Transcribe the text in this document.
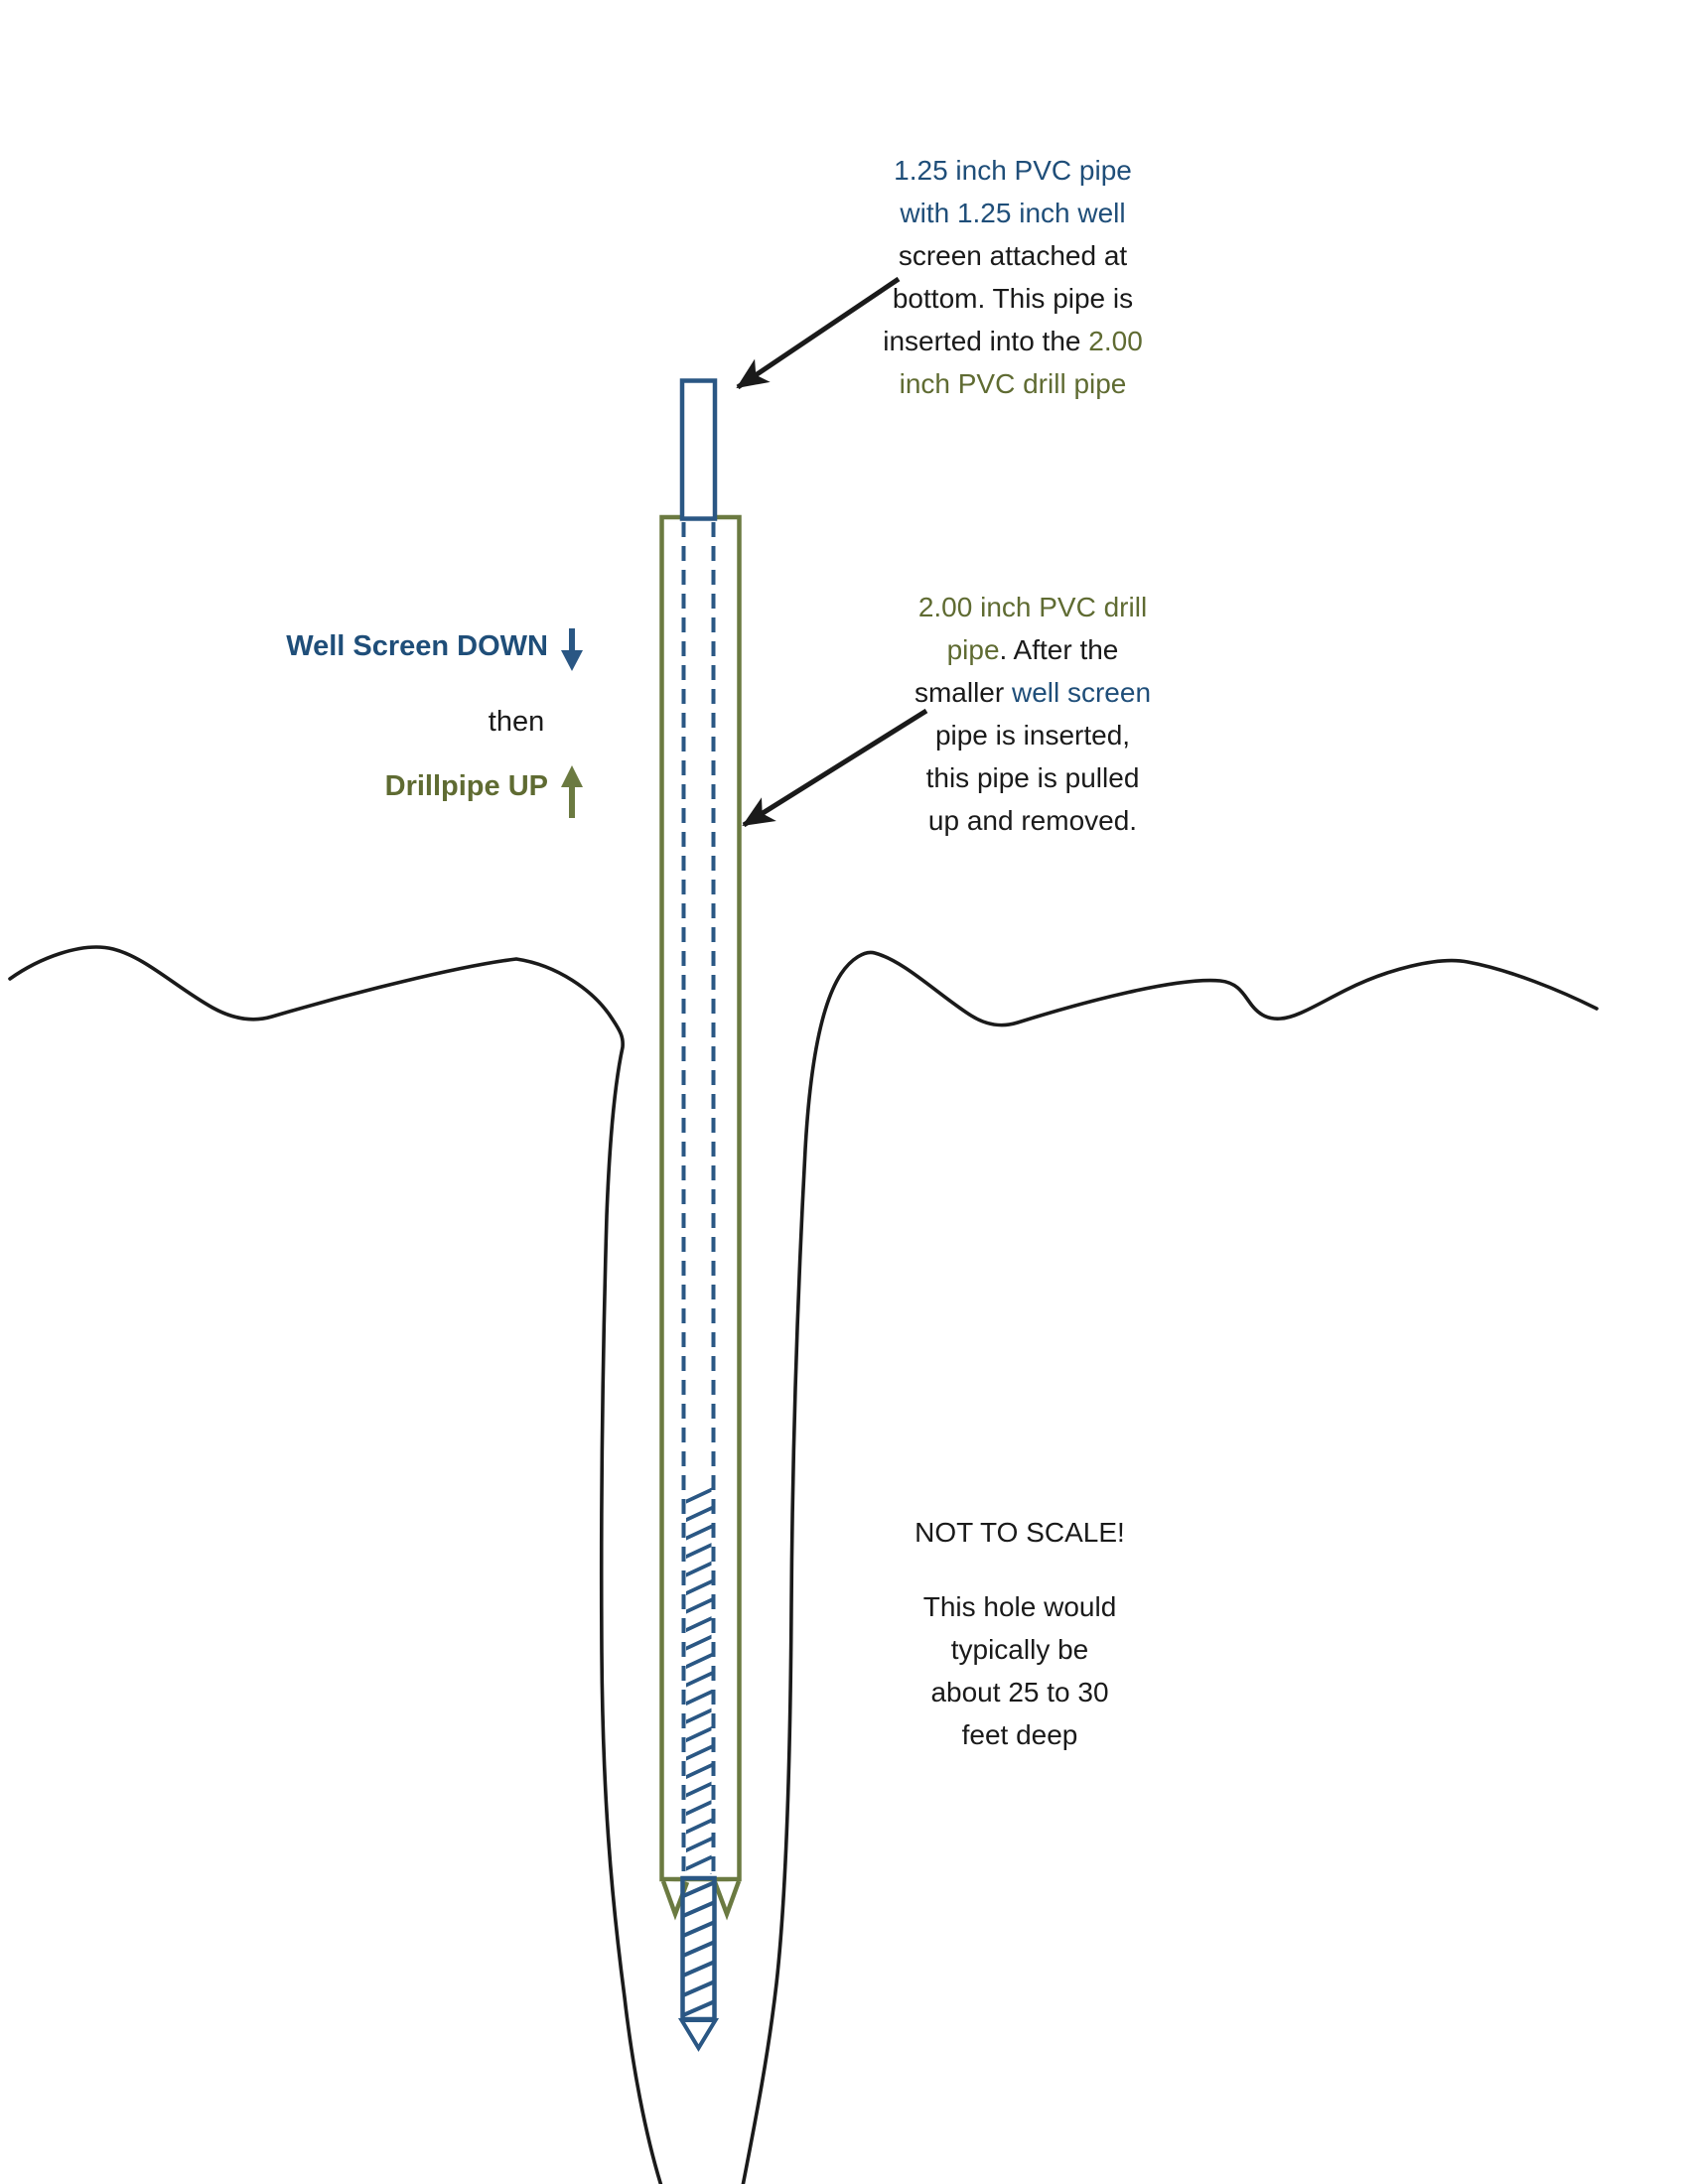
1.25 inch PVC pipe
with 1.25 inch well
screen attached at
bottom. This pipe is
inserted into the 2.00
inch PVC drill pipe
2.00 inch PVC drill
pipe. After the
smaller well screen
pipe is inserted,
this pipe is pulled
up and removed.
Well Screen DOWN
then
Drillpipe UP
NOT TO SCALE!
This hole would
typically be
about 25 to 30
feet deep
